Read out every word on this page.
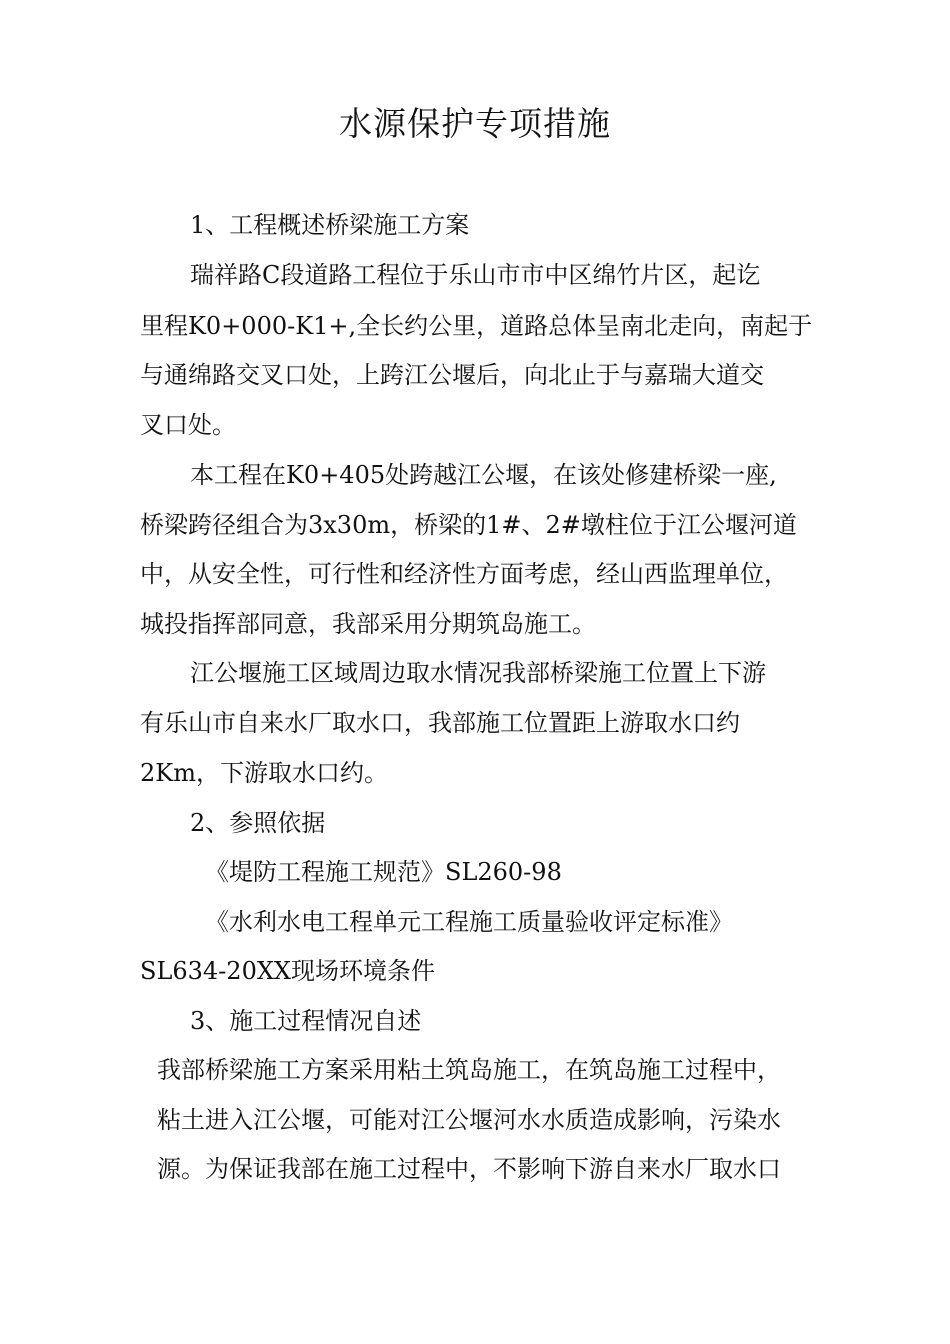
水源保护专项措施

1、工程概述桥梁施工方案

瑞祥路C段道路工程位于乐山市市中区绵竹片区，起讫

里程K0+000-K1+,全长约公里，道路总体呈南北走向，南起于

与通绵路交叉口处，上跨江公堰后，向北止于与嘉瑞大道交

叉口处。

本工程在K0+405处跨越江公堰，在该处修建桥梁一座,

桥梁跨径组合为3x30m，桥梁的1#、2#墩柱位于江公堰河道

中，从安全性，可行性和经济性方面考虑，经山西监理单位，

城投指挥部同意，我部采用分期筑岛施工。

江公堰施工区域周边取水情况我部桥梁施工位置上下游

有乐山市自来水厂取水口，我部施工位置距上游取水口约

2Km，下游取水口约。

2、参照依据

《堤防工程施工规范》SL260-98

《水利水电工程单元工程施工质量验收评定标准》

SL634-20XX现场环境条件

3、施工过程情况自述

我部桥梁施工方案采用粘土筑岛施工，在筑岛施工过程中，

粘土进入江公堰，可能对江公堰河水水质造成影响，污染水

源。为保证我部在施工过程中，不影响下游自来水厂取水口
